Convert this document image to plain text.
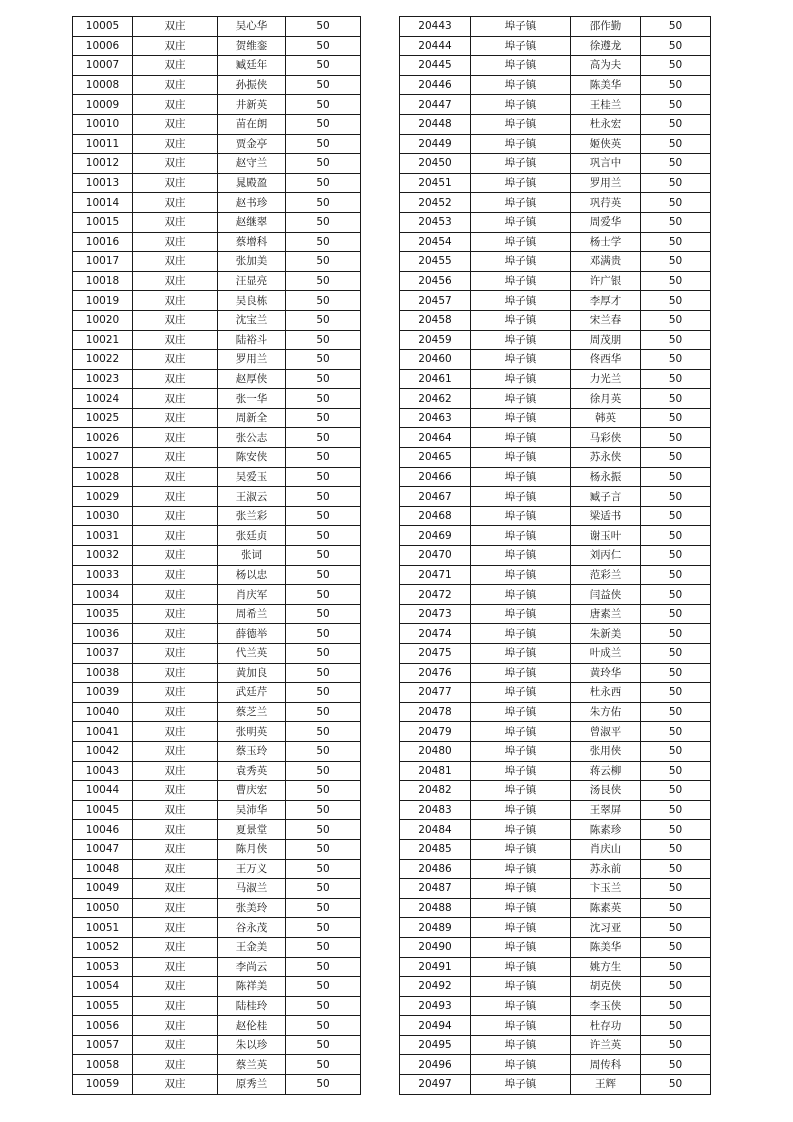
10005	双庄	吴心华	50
10006	双庄	贺维銮	50
10007	双庄	臧廷年	50
10008	双庄	孙振侠	50
10009	双庄	井新英	50
10010	双庄	苗在朗	50
10011	双庄	贾金亭	50
10012	双庄	赵守兰	50
10013	双庄	晁殿盈	50
10014	双庄	赵书珍	50
10015	双庄	赵继翠	50
10016	双庄	蔡增科	50
10017	双庄	张加美	50
10018	双庄	汪显亮	50
10019	双庄	吴良栋	50
10020	双庄	沈宝兰	50
10021	双庄	陆裕斗	50
10022	双庄	罗用兰	50
10023	双庄	赵厚侠	50
10024	双庄	张一华	50
10025	双庄	周新全	50
10026	双庄	张公志	50
10027	双庄	陈安侠	50
10028	双庄	吴爱玉	50
10029	双庄	王淑云	50
10030	双庄	张兰彩	50
10031	双庄	张廷贞	50
10032	双庄	张词	50
10033	双庄	杨以忠	50
10034	双庄	肖庆军	50
10035	双庄	周希兰	50
10036	双庄	薛德举	50
10037	双庄	代兰英	50
10038	双庄	黄加良	50
10039	双庄	武廷芹	50
10040	双庄	蔡芝兰	50
10041	双庄	张明英	50
10042	双庄	蔡玉玲	50
10043	双庄	袁秀英	50
10044	双庄	曹庆宏	50
10045	双庄	吴沛华	50
10046	双庄	夏景堂	50
10047	双庄	陈月侠	50
10048	双庄	王万义	50
10049	双庄	马淑兰	50
10050	双庄	张美玲	50
10051	双庄	谷永茂	50
10052	双庄	王金美	50
10053	双庄	李尚云	50
10054	双庄	陈祥美	50
10055	双庄	陆桂玲	50
10056	双庄	赵伦桂	50
10057	双庄	朱以珍	50
10058	双庄	蔡兰英	50
10059	双庄	原秀兰	50
20443	埠子镇	邵作勤	50
20444	埠子镇	徐遵龙	50
20445	埠子镇	高为夫	50
20446	埠子镇	陈美华	50
20447	埠子镇	王桂兰	50
20448	埠子镇	杜永宏	50
20449	埠子镇	姬侠英	50
20450	埠子镇	巩言中	50
20451	埠子镇	罗用兰	50
20452	埠子镇	巩荇英	50
20453	埠子镇	周爱华	50
20454	埠子镇	杨士学	50
20455	埠子镇	邓满贵	50
20456	埠子镇	许广银	50
20457	埠子镇	李厚才	50
20458	埠子镇	宋兰春	50
20459	埠子镇	周茂朋	50
20460	埠子镇	佟西华	50
20461	埠子镇	力光兰	50
20462	埠子镇	徐月英	50
20463	埠子镇	韩英	50
20464	埠子镇	马彩侠	50
20465	埠子镇	苏永侠	50
20466	埠子镇	杨永振	50
20467	埠子镇	臧子言	50
20468	埠子镇	梁适书	50
20469	埠子镇	谢玉叶	50
20470	埠子镇	刘丙仁	50
20471	埠子镇	范彩兰	50
20472	埠子镇	闫益侠	50
20473	埠子镇	唐素兰	50
20474	埠子镇	朱新美	50
20475	埠子镇	叶成兰	50
20476	埠子镇	黄玲华	50
20477	埠子镇	杜永西	50
20478	埠子镇	朱方佑	50
20479	埠子镇	曾淑平	50
20480	埠子镇	张用侠	50
20481	埠子镇	蒋云柳	50
20482	埠子镇	汤艮侠	50
20483	埠子镇	王翠屏	50
20484	埠子镇	陈素珍	50
20485	埠子镇	肖庆山	50
20486	埠子镇	苏永前	50
20487	埠子镇	卞玉兰	50
20488	埠子镇	陈素英	50
20489	埠子镇	沈习亚	50
20490	埠子镇	陈美华	50
20491	埠子镇	姚方生	50
20492	埠子镇	胡克侠	50
20493	埠子镇	李玉侠	50
20494	埠子镇	杜存功	50
20495	埠子镇	许兰英	50
20496	埠子镇	周传科	50
20497	埠子镇	王辉	50
